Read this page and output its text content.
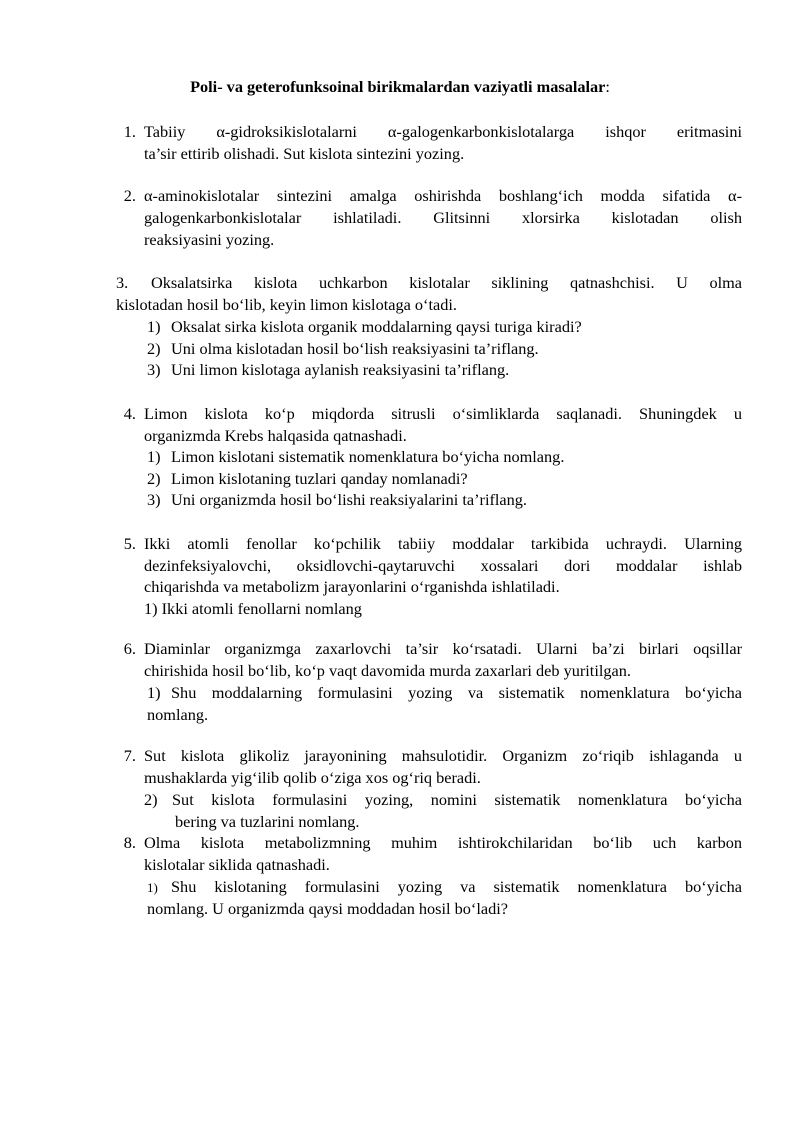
Poli- va geterofunksoinal birikmalardan vaziyatli masalalar:
1. Tabiiy α-gidroksikislotalarni α-galogenkarbonkislotalarga ishqor eritmasini
ta’sir ettirib olishadi. Sut kislota sintezini yozing.
2. α-aminokislotalar sintezini amalga oshirishda boshlang‘ich modda sifatida α-
galogenkarbonkislotalar ishlatiladi. Glitsinni xlorsirka kislotadan olish
reaksiyasini yozing.
3. Oksalatsirka kislota uchkarbon kislotalar siklining qatnashchisi. U olma
kislotadan hosil bo‘lib, keyin limon kislotaga o‘tadi.
1) Oksalat sirka kislota organik moddalarning qaysi turiga kiradi?
2) Uni olma kislotadan hosil bo‘lish reaksiyasini ta’riflang.
3) Uni limon kislotaga aylanish reaksiyasini ta’riflang.
4. Limon kislota ko‘p miqdorda sitrusli o‘simliklarda saqlanadi. Shuningdek u
organizmda Krebs halqasida qatnashadi.
1) Limon kislotani sistematik nomenklatura bo‘yicha nomlang.
2) Limon kislotaning tuzlari qanday nomlanadi?
3) Uni organizmda hosil bo‘lishi reaksiyalarini ta’riflang.
5. Ikki atomli fenollar ko‘pchilik tabiiy moddalar tarkibida uchraydi. Ularning
dezinfeksiyalovchi, oksidlovchi-qaytaruvchi xossalari dori moddalar ishlab
chiqarishda va metabolizm jarayonlarini o‘rganishda ishlatiladi.
1) Ikki atomli fenollarni nomlang
6. Diaminlar organizmga zaxarlovchi ta’sir ko‘rsatadi. Ularni ba’zi birlari oqsillar
chirishida hosil bo‘lib, ko‘p vaqt davomida murda zaxarlari deb yuritilgan.
1) Shu moddalarning formulasini yozing va sistematik nomenklatura bo‘yicha
nomlang.
7. Sut kislota glikoliz jarayonining mahsulotidir. Organizm zo‘riqib ishlaganda u
mushaklarda yig‘ilib qolib o‘ziga xos og‘riq beradi.
2) Sut kislota formulasini yozing, nomini sistematik nomenklatura bo‘yicha
bering va tuzlarini nomlang.
8. Olma kislota metabolizmning muhim ishtirokchilaridan bo‘lib uch karbon
kislotalar siklida qatnashadi.
1) Shu kislotaning formulasini yozing va sistematik nomenklatura bo‘yicha
nomlang. U organizmda qaysi moddadan hosil bo‘ladi?
